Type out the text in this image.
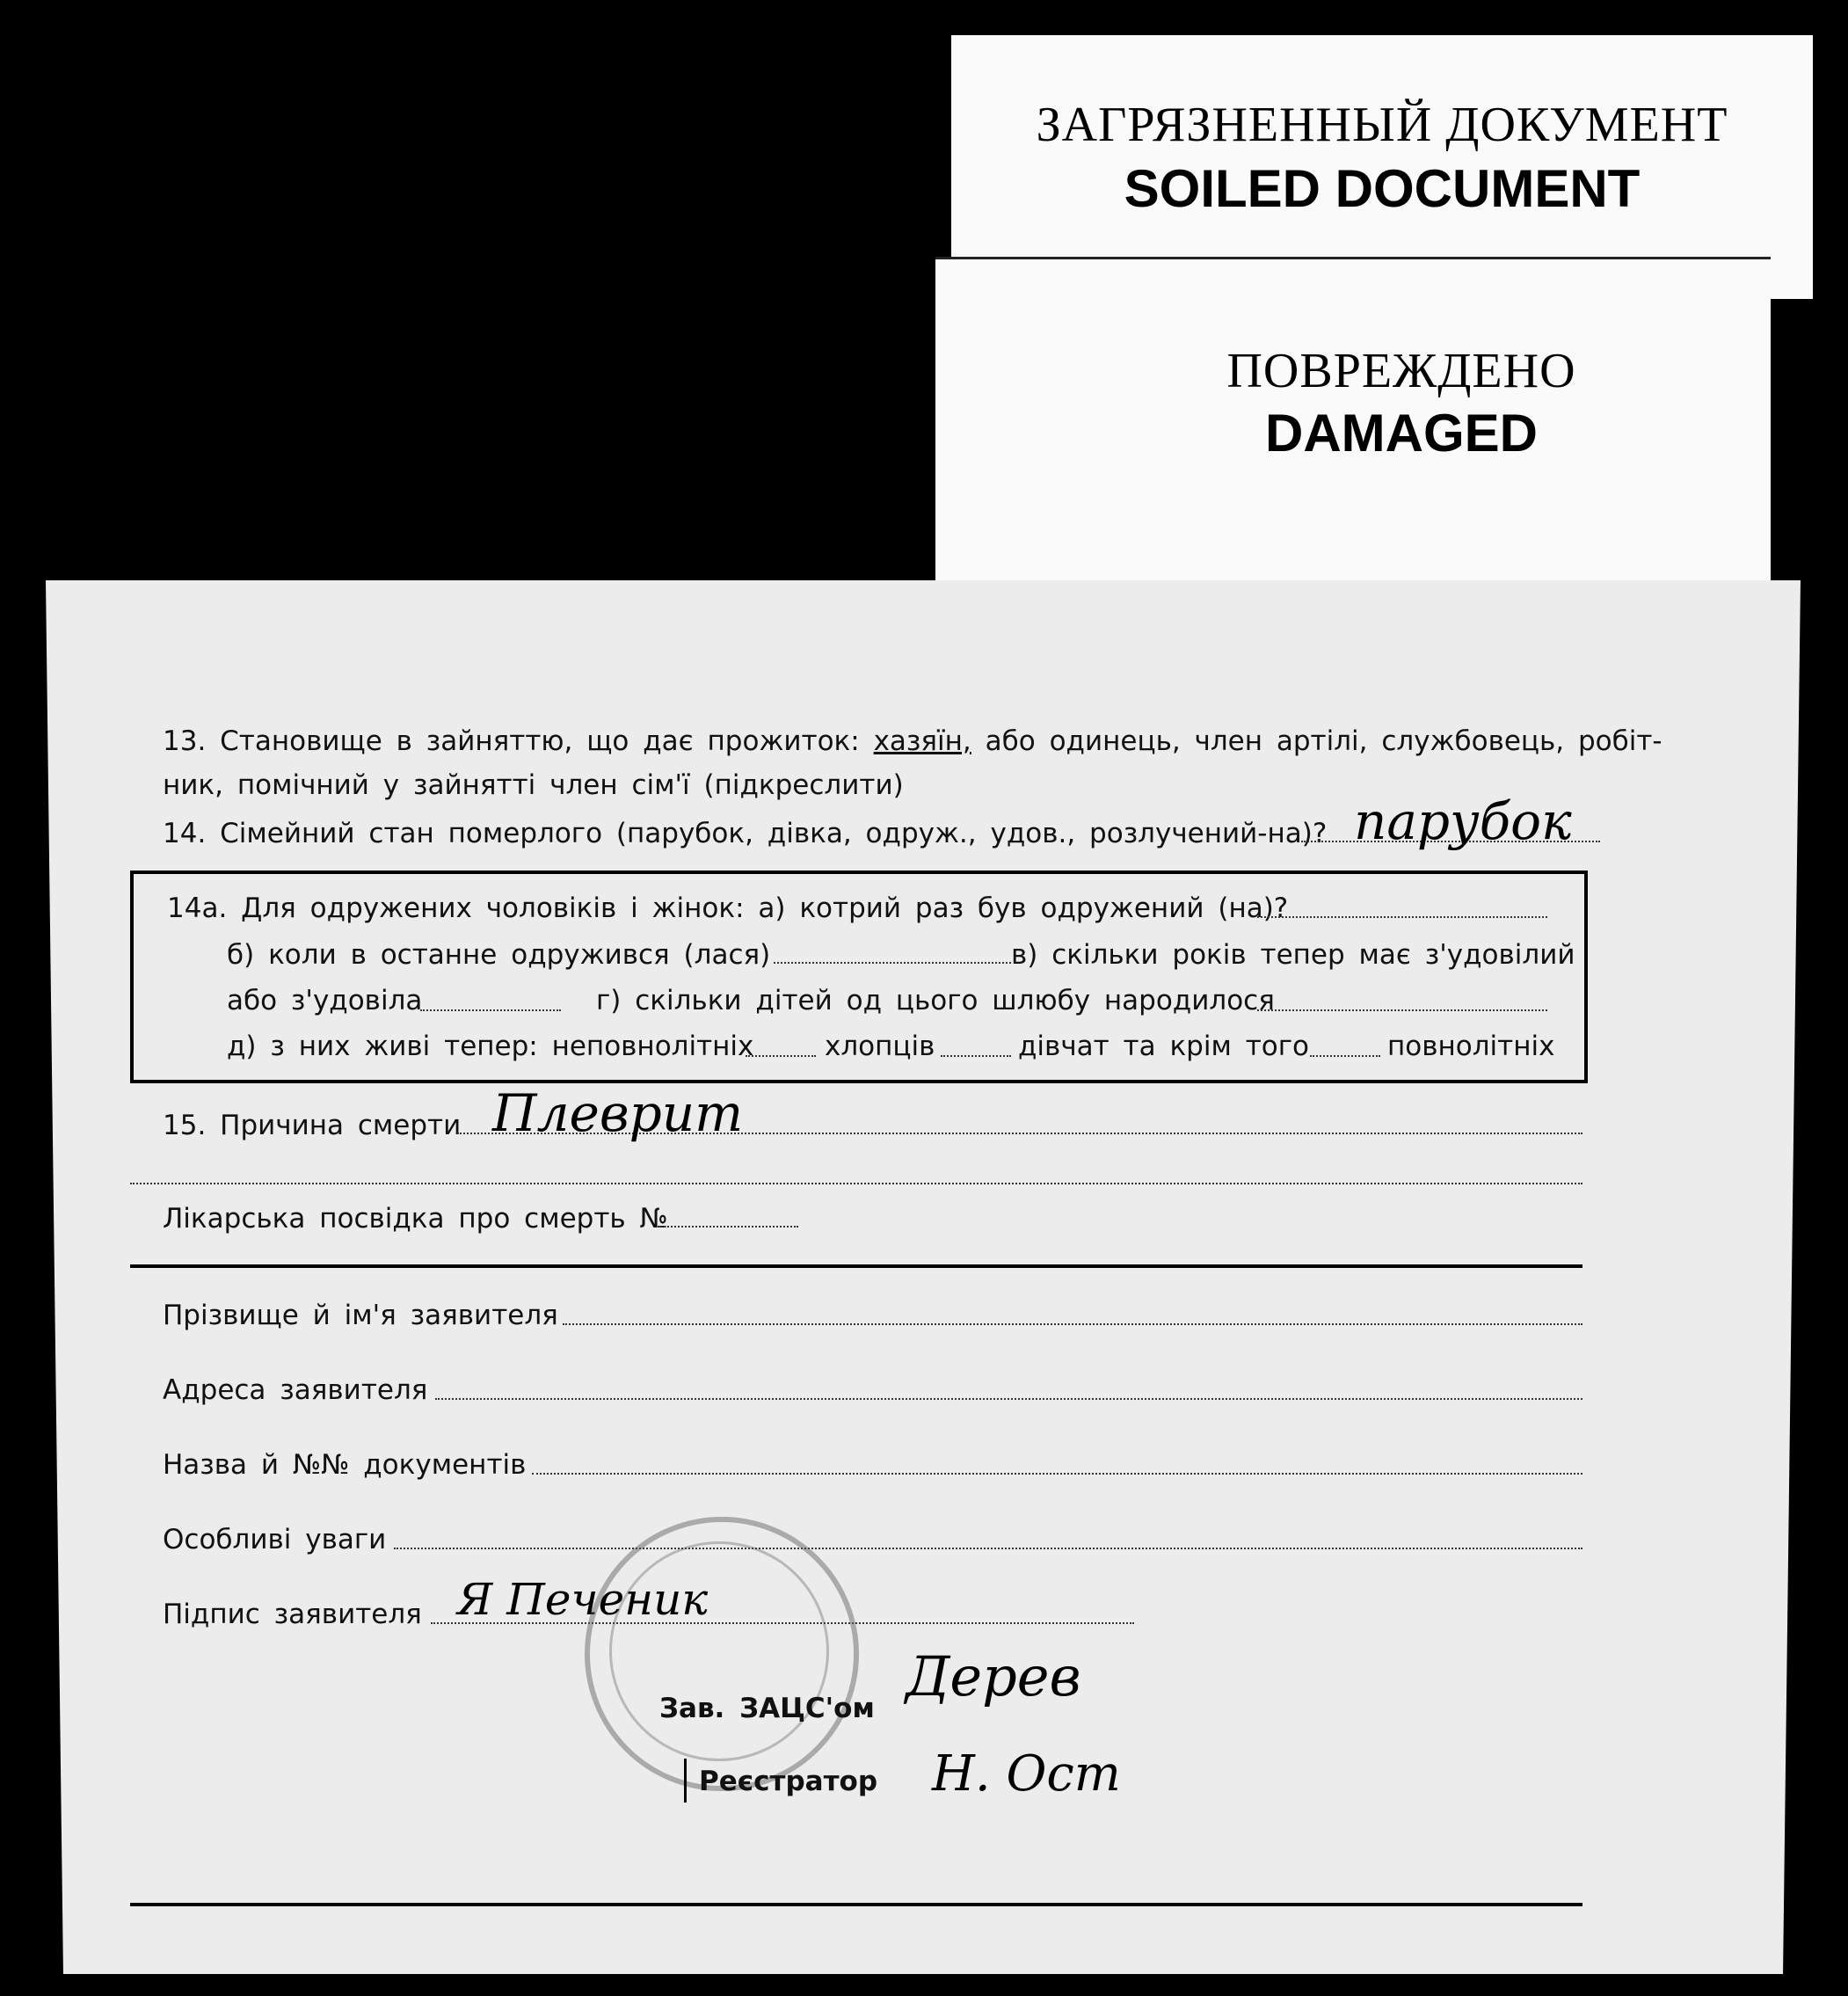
ЗАГРЯЗНЕННЫЙ ДОКУМЕНТ
SOILED DOCUMENT
ПОВРЕЖДЕНО
DAMAGED
13. Становище в зайняттю, що дає прожиток: хазяїн, або одинець, член артілі, службовець, робіт-
ник, помічний у зайнятті член сім'ї (підкреслити)
14. Сімейний стан померлого (парубок, дівка, одруж., удов., розлучений-на)? парубок
14а. Для одружених чоловіків і жінок: а) котрий раз був одружений (на)?
б) коли в останне одружився (лася)	в) скільки років тепер має з'удовілий
або з'удовіла	г) скільки дітей од цього шлюбу народилося
д) з них живі тепер: неповнолітніх	хлопців	дівчат та крім того	повнолітніх
15. Причина смерти Плеврит
Лікарська посвідка про смерть №
Прізвище й ім'я заявителя
Адреса заявителя
Назва й №№ документів
Особливі уваги
Підпис заявителя Я Печеник
Зав. ЗАЦС'ом Дерев
Реєстратор Н. Ост
